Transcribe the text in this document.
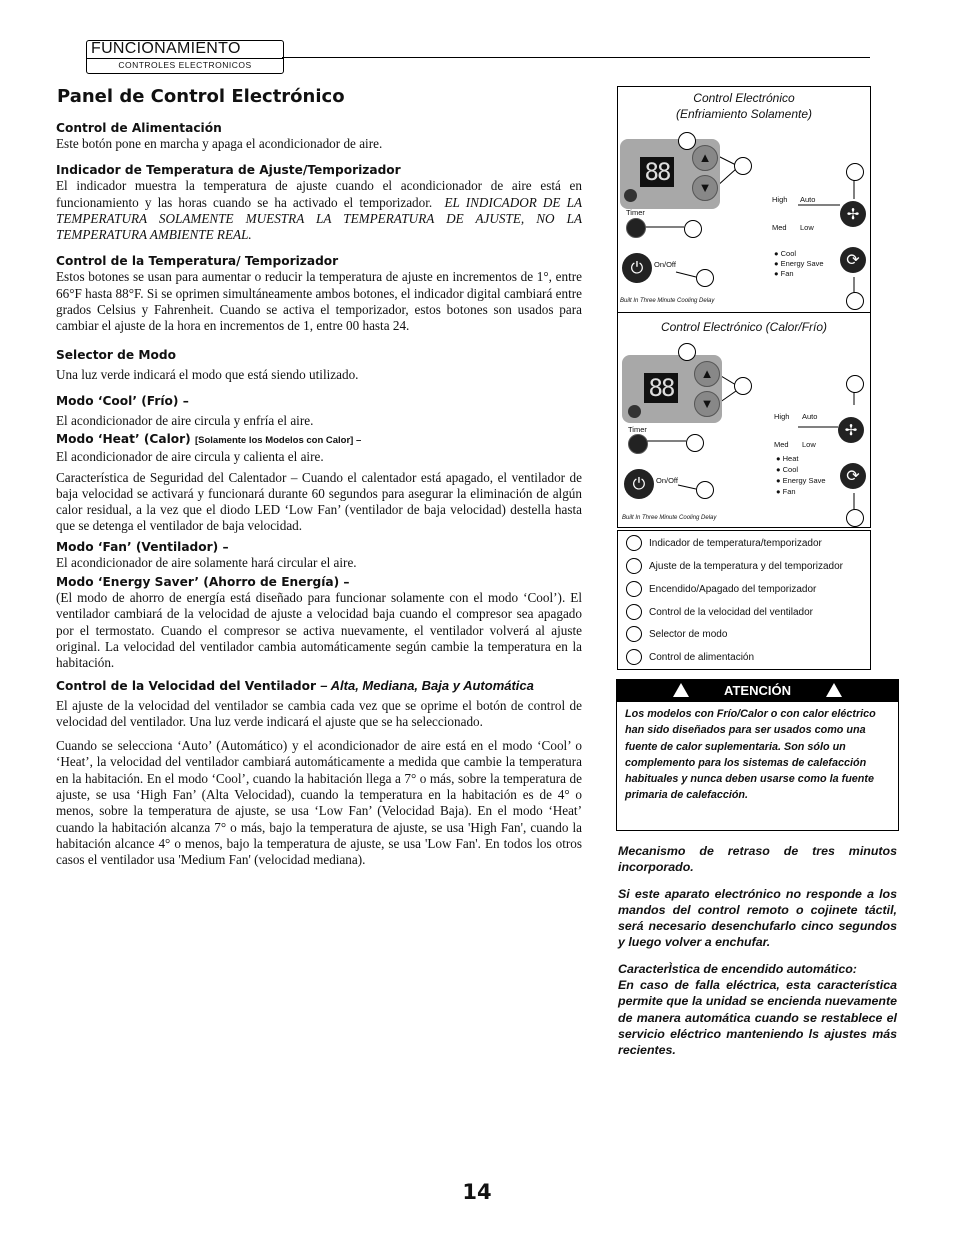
FUNCIONAMIENTO
CONTROLES ELECTRONICOS
Panel de Control Electrónico
Control de Alimentación

Este botón pone en marcha y apaga el acondicionador de aire.

Indicador de Temperatura de Ajuste/Temporizador

El indicador muestra la temperatura de ajuste cuando el acondicionador de aire está en funcionamiento y las horas cuando se ha activado el temporizador. EL INDICADOR DE LA TEMPERATURA SOLAMENTE MUESTRA LA TEMPERATURA DE AJUSTE, NO LA TEMPERATURA AMBIENTE REAL.

Control de la Temperatura/ Temporizador

Estos botones se usan para aumentar o reducir la temperatura de ajuste en incrementos de 1°, entre 66°F hasta 88°F. Si se oprimen simultáneamente ambos botones, el indicador digital cambiará entre grados Celsius y Fahrenheit. Cuando se activa el temporizador, estos botones son usados para cambiar el ajuste de la hora en incrementos de 1, entre 00 hasta 24.

Selector de Modo

Una luz verde indicará el modo que está siendo utilizado.

Modo ‘Cool’ (Frío) –

El acondicionador de aire circula y enfría el aire.

Modo ‘Heat’ (Calor) [Solamente los Modelos con Calor] –

El acondicionador de aire circula y calienta el aire.

Característica de Seguridad del Calentador – Cuando el calentador está apagado, el ventilador de baja velocidad se activará y funcionará durante 60 segundos para asegurar la eliminación de algún calor residual, a la vez que el diodo LED ‘Low Fan’ (ventilador de baja velocidad) destella hasta que se detenga el ventilador de baja velocidad.

Modo ‘Fan’ (Ventilador) –

El acondicionador de aire solamente hará circular el aire.

Modo ‘Energy Saver’ (Ahorro de Energía) –

(El modo de ahorro de energía está diseñado para funcionar solamente con el modo ‘Cool’). El ventilador cambiará de la velocidad de ajuste a velocidad baja cuando el compresor sea apagado por el termostato. Cuando el compresor se activa nuevamente, el ventilador volverá al ajuste original. La velocidad del ventilador cambia automáticamente según cambie la temperatura en la habitación.

Control de la Velocidad del Ventilador – Alta, Mediana, Baja y Automática

El ajuste de la velocidad del ventilador se cambia cada vez que se oprime el botón de control de velocidad del ventilador. Una luz verde indicará el ajuste que se ha seleccionado.

Cuando se selecciona ‘Auto’ (Automático) y el acondicionador de aire está en el modo ‘Cool’ o ‘Heat’, la velocidad del ventilador cambiará automáticamente a medida que cambie la temperatura en la habitación. En el modo ‘Cool’, cuando la habitación llega a 7° o más, sobre la temperatura de ajuste, se usa ‘High Fan’ (Alta Velocidad), cuando la temperatura en la habitación es de 4° o menos, sobre la temperatura de ajuste, se usa ‘Low Fan’ (Velocidad Baja). En el modo ‘Heat’ cuando la habitación alcanza 7° o más, bajo la temperatura de ajuste, se usa 'High Fan', cuando la habitación alcance 4° o menos, bajo la temperatura de ajuste, se usa 'Low Fan'. En todos los otros casos el ventilador usa 'Medium Fan' (velocidad mediana).

Control Electrónico
(Enfriamiento Solamente)
88
▲
▼
Timer
⏻	On/Off
High Auto
Med Low
✢
● Cool
● Energy Save
● Fan
⟳
Built In Three Minute Cooling Delay
Control Electrónico (Calor/Frío)
88
▲
▼
Timer
⏻	On/Off
High Auto
Med Low
✢
● Heat
● Cool
● Energy Save
● Fan
⟳
Built In Three Minute Cooling Delay
Indicador de temperatura/temporizador
Ajuste de la temperatura y del temporizador
Encendido/Apagado del temporizador
Control de la velocidad del ventilador
Selector de modo
Control de alimentación
ATENCIÓN
Los modelos con Frío/Calor o con calor eléctrico han sido diseñados para ser usados como una fuente de calor suplementaria. Son sólo un complemento para los sistemas de calefacción habituales y nunca deben usarse como la fuente primaria de calefacción.

Mecanismo de retraso de tres minutos incorporado.

Si este aparato electrónico no responde a los mandos del control remoto o cojinete táctil, será necesario desenchufarlo cinco segundos y luego volver a enchufar.

CaracterÌstica de encendido automático:
En caso de falla eléctrica, esta característica permite que la unidad se encienda nuevamente de manera automática cuando se restablece el servicio eléctrico manteniendo ls ajustes más recientes.

14
